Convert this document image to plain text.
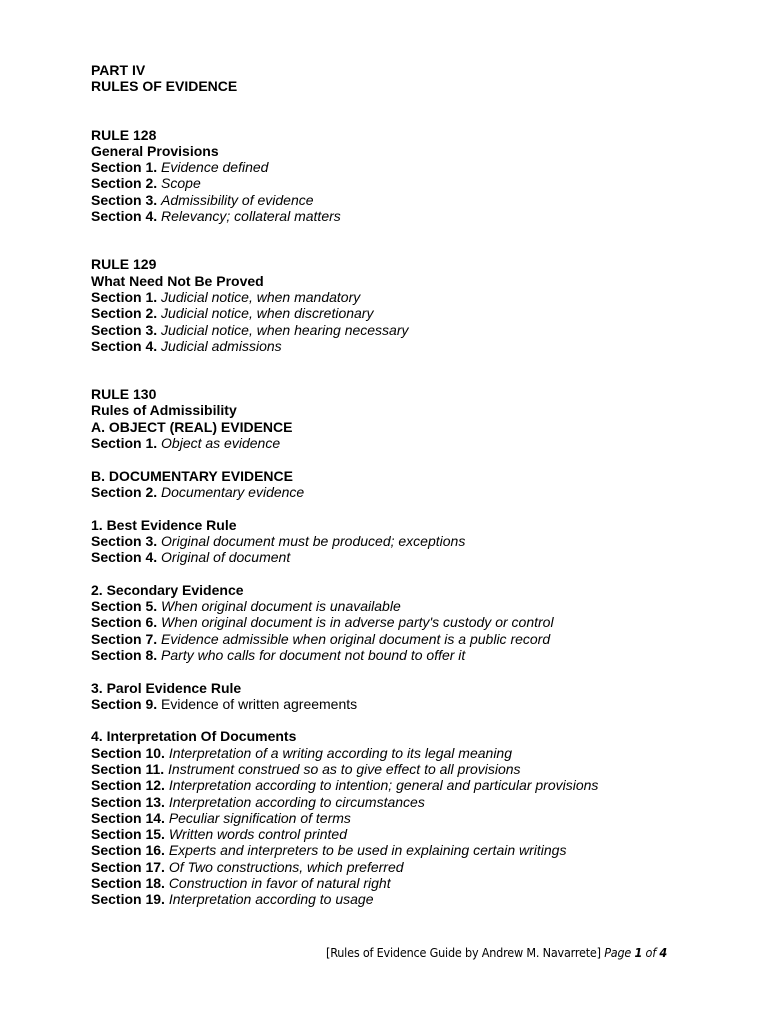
PART IV
RULES OF EVIDENCE
RULE 128
General Provisions
Section 1. Evidence defined
Section 2. Scope
Section 3. Admissibility of evidence
Section 4. Relevancy; collateral matters
RULE 129
What Need Not Be Proved
Section 1. Judicial notice, when mandatory
Section 2. Judicial notice, when discretionary
Section 3. Judicial notice, when hearing necessary
Section 4. Judicial admissions
RULE 130
Rules of Admissibility
A. OBJECT (REAL) EVIDENCE
Section 1. Object as evidence
B. DOCUMENTARY EVIDENCE
Section 2. Documentary evidence
1. Best Evidence Rule
Section 3. Original document must be produced; exceptions
Section 4. Original of document
2. Secondary Evidence
Section 5. When original document is unavailable
Section 6. When original document is in adverse party's custody or control
Section 7. Evidence admissible when original document is a public record
Section 8. Party who calls for document not bound to offer it
3. Parol Evidence Rule
Section 9. Evidence of written agreements
4. Interpretation Of Documents
Section 10. Interpretation of a writing according to its legal meaning
Section 11. Instrument construed so as to give effect to all provisions
Section 12. Interpretation according to intention; general and particular provisions
Section 13. Interpretation according to circumstances
Section 14. Peculiar signification of terms
Section 15. Written words control printed
Section 16. Experts and interpreters to be used in explaining certain writings
Section 17. Of Two constructions, which preferred
Section 18. Construction in favor of natural right
Section 19. Interpretation according to usage
[Rules of Evidence Guide by Andrew M. Navarrete] Page 1 of 4
